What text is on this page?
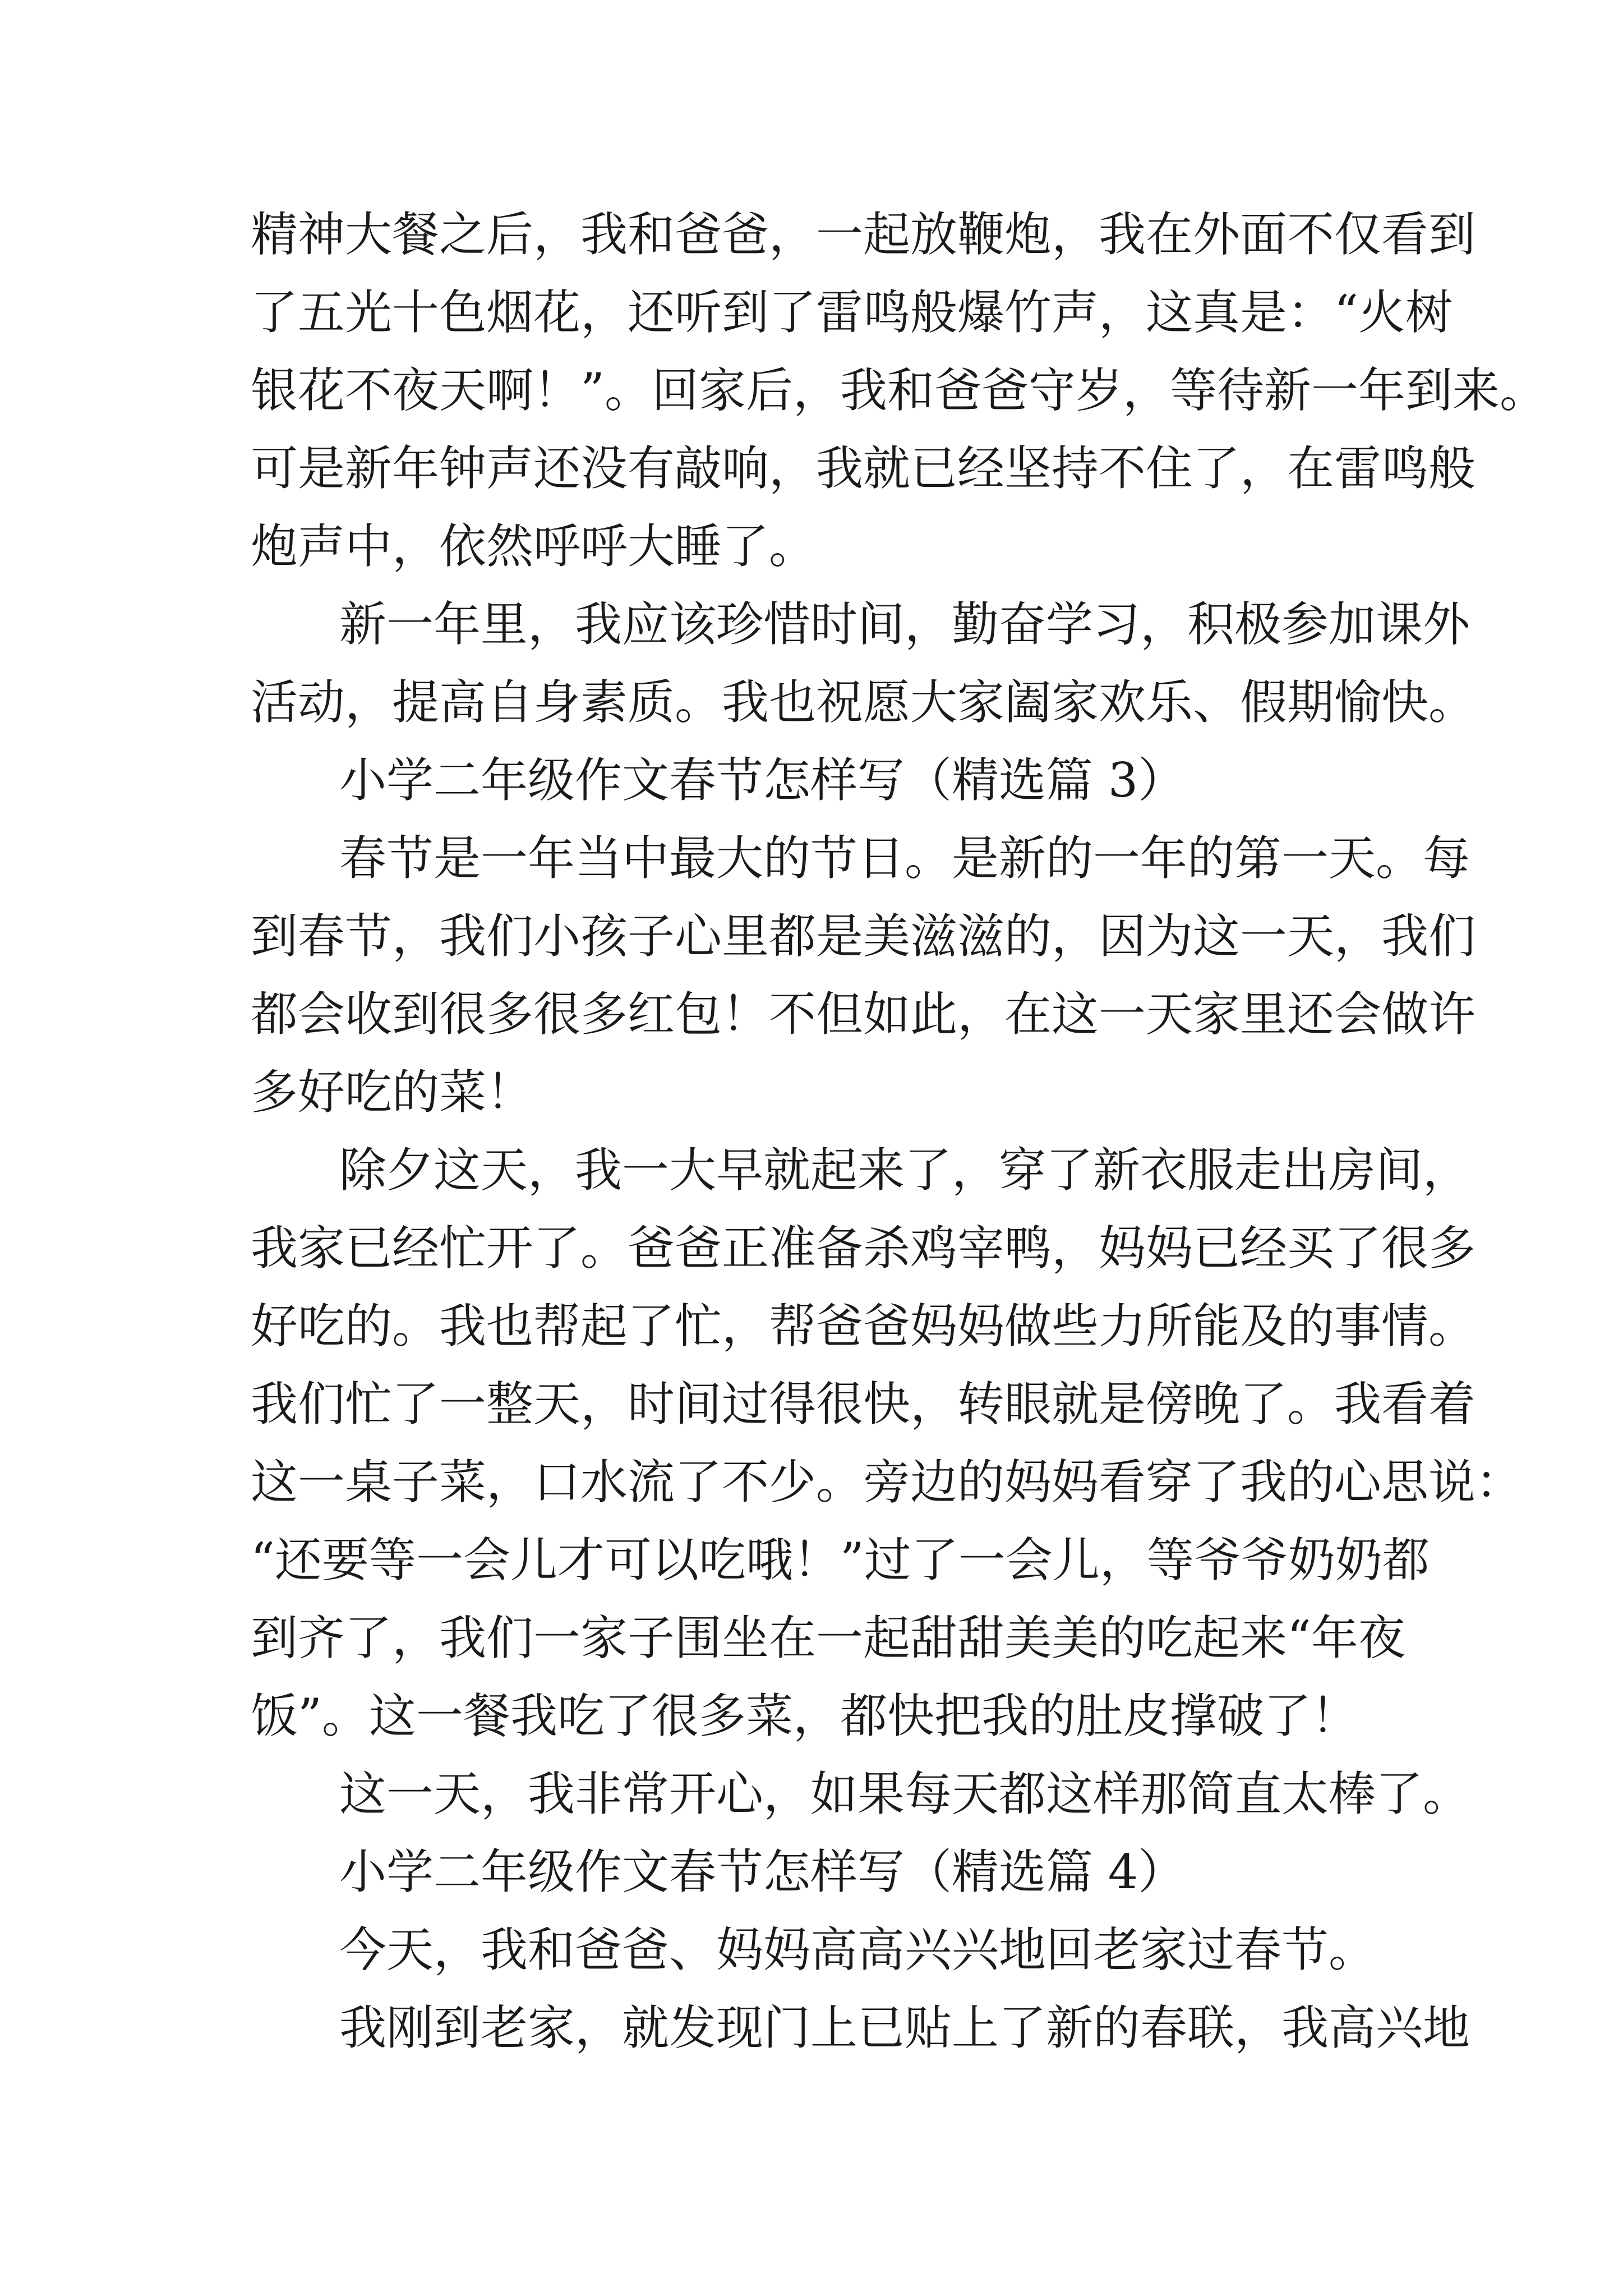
精神大餐之后，我和爸爸，一起放鞭炮，我在外面不仅看到
了五光十色烟花，还听到了雷鸣般爆竹声，这真是：“火树
银花不夜天啊！”。回家后，我和爸爸守岁，等待新一年到来。
可是新年钟声还没有敲响，我就已经坚持不住了，在雷鸣般
炮声中，依然呼呼大睡了。
新一年里，我应该珍惜时间，勤奋学习，积极参加课外
活动，提高自身素质。我也祝愿大家阖家欢乐、假期愉快。
小学二年级作文春节怎样写（精选篇 3）
春节是一年当中最大的节日。是新的一年的第一天。每
到春节，我们小孩子心里都是美滋滋的，因为这一天，我们
都会收到很多很多红包！不但如此，在这一天家里还会做许
多好吃的菜！
除夕这天，我一大早就起来了，穿了新衣服走出房间，
我家已经忙开了。爸爸正准备杀鸡宰鸭，妈妈已经买了很多
好吃的。我也帮起了忙，帮爸爸妈妈做些力所能及的事情。
我们忙了一整天，时间过得很快，转眼就是傍晚了。我看着
这一桌子菜，口水流了不少。旁边的妈妈看穿了我的心思说：
“还要等一会儿才可以吃哦！”过了一会儿，等爷爷奶奶都
到齐了，我们一家子围坐在一起甜甜美美的吃起来“年夜
饭”。这一餐我吃了很多菜，都快把我的肚皮撑破了！
这一天，我非常开心，如果每天都这样那简直太棒了。
小学二年级作文春节怎样写（精选篇 4）
今天，我和爸爸、妈妈高高兴兴地回老家过春节。
我刚到老家，就发现门上已贴上了新的春联，我高兴地
